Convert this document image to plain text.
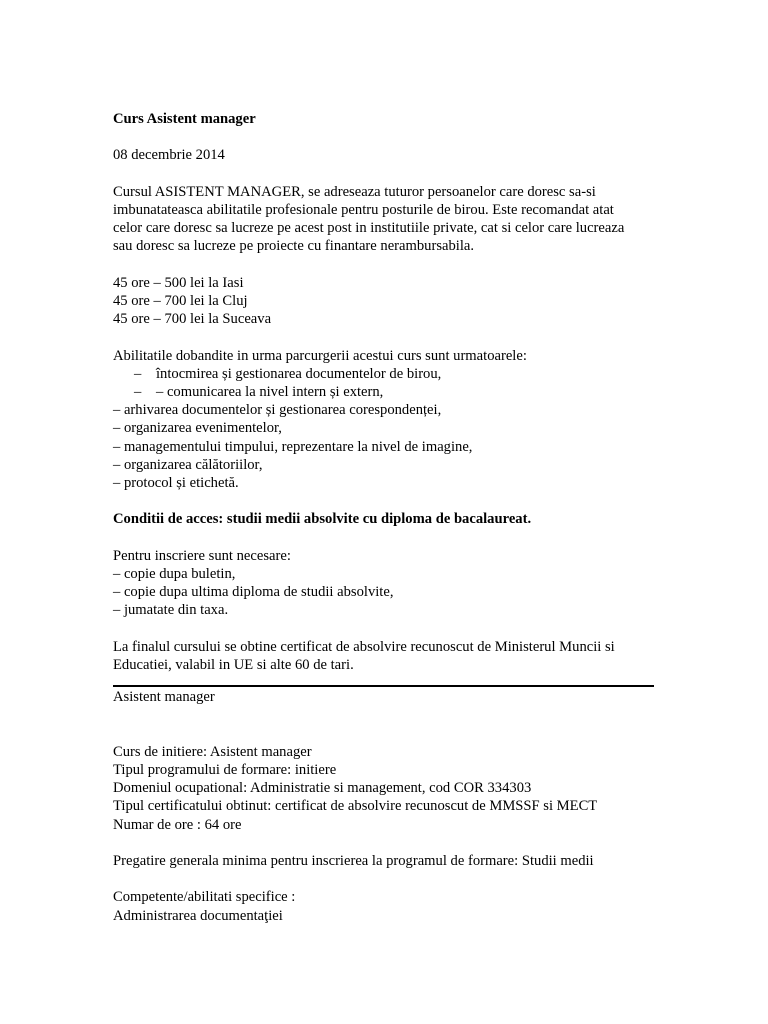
Curs Asistent manager
08 decembrie 2014
Cursul ASISTENT MANAGER, se adreseaza tuturor persoanelor care doresc sa-si
imbunatateasca abilitatile profesionale pentru posturile de birou. Este recomandat atat
celor care doresc sa lucreze pe acest post in institutiile private, cat si celor care lucreaza
sau doresc sa lucreze pe proiecte cu finantare nerambursabila.
45 ore – 500 lei la Iasi
45 ore – 700 lei la Cluj
45 ore – 700 lei la Suceava
Abilitatile dobandite in urma parcurgerii acestui curs sunt urmatoarele:
– întocmirea și gestionarea documentelor de birou,
– – comunicarea la nivel intern și extern,
– arhivarea documentelor și gestionarea corespondenței,
– organizarea evenimentelor,
– managementului timpului, reprezentare la nivel de imagine,
– organizarea călătoriilor,
– protocol și etichetă.
Conditii de acces: studii medii absolvite cu diploma de bacalaureat.
Pentru inscriere sunt necesare:
– copie dupa buletin,
– copie dupa ultima diploma de studii absolvite,
– jumatate din taxa.
La finalul cursului se obtine certificat de absolvire recunoscut de Ministerul Muncii si
Educatiei, valabil in UE si alte 60 de tari.
Asistent manager
Curs de initiere: Asistent manager
Tipul programului de formare: initiere
Domeniul ocupational: Administratie si management, cod COR 334303
Tipul certificatului obtinut: certificat de absolvire recunoscut de MMSSF si MECT
Numar de ore : 64 ore
Pregatire generala minima pentru inscrierea la programul de formare: Studii medii
Competente/abilitati specifice :
Administrarea documentaţiei
